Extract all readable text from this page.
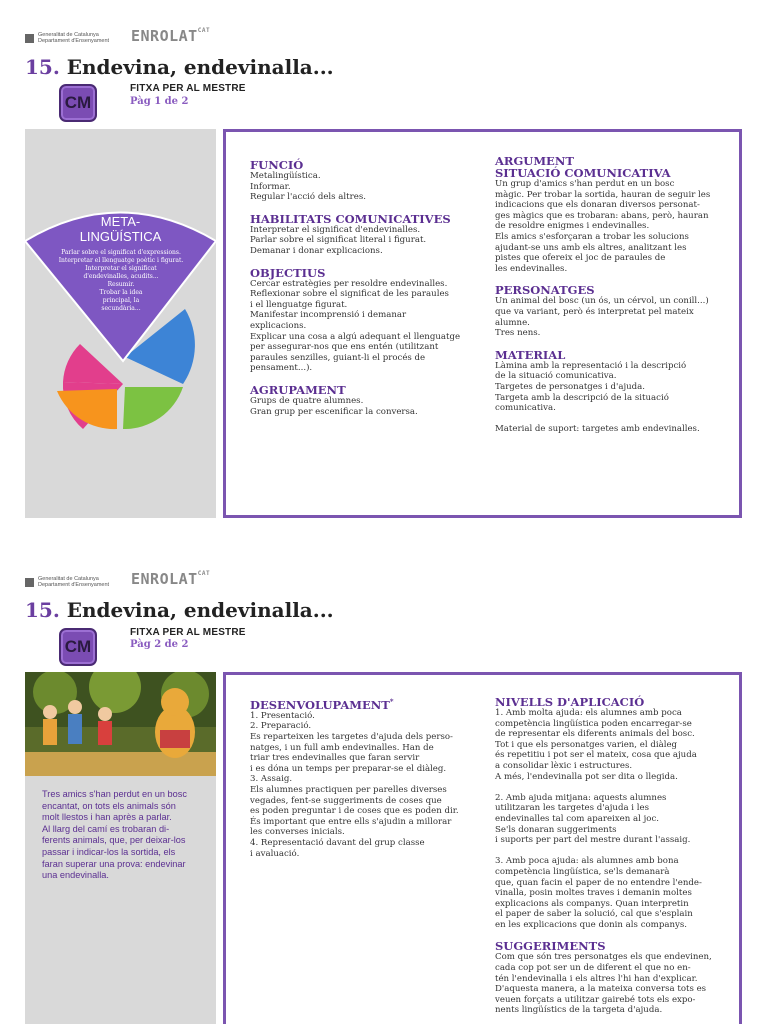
Generalitat de Catalunya
Departament d'Ensenyament $ENROLAT^{CAT}$
15. Endevina, endevinalla...
CM
FITXA PER AL MESTRE
Pàg 1 de 2
META-
LINGÜÍSTICA
Parlar sobre el significat d'expressions.
Interpretar el llenguatge poètic i figurat.
Interpretar el significat
d'endevinalles, acudits...
Resumir.
Trobar la idea
principal, la
secundària...
FUNCIÓ
Metalingüística.
Informar.
Regular l'acció dels altres.
HABILITATS COMUNICATIVES
Interpretar el significat d'endevinalles.
Parlar sobre el significat literal i figurat.
Demanar i donar explicacions.
OBJECTIUS
Cercar estratègies per resoldre endevinalles.
Reflexionar sobre el significat de les paraules
i el llenguatge figurat.
Manifestar incomprensió i demanar
explicacions.
Explicar una cosa a algú adequant el llenguatge
per assegurar-nos que ens entén (utilitzant
paraules senzilles, guiant-li el procés de
pensament...).
AGRUPAMENT
Grups de quatre alumnes.
Gran grup per escenificar la conversa.
ARGUMENT
SITUACIÓ COMUNICATIVA
Un grup d'amics s'han perdut en un bosc
màgic. Per trobar la sortida, hauran de seguir les
indicacions que els donaran diversos personat-
ges màgics que es trobaran: abans, però, hauran
de resoldre enigmes i endevinalles.
Els amics s'esforçaran a trobar les solucions
ajudant-se uns amb els altres, analitzant les
pistes que ofereix el joc de paraules de
les endevinalles.
PERSONATGES
Un animal del bosc (un ós, un cérvol, un conill...)
que va variant, però és interpretat pel mateix
alumne.
Tres nens.
MATERIAL
Làmina amb la representació i la descripció
de la situació comunicativa.
Targetes de personatges i d'ajuda.
Targeta amb la descripció de la situació
comunicativa.

Material de suport: targetes amb endevinalles.
Generalitat de Catalunya
Departament d'Ensenyament $ENROLAT^{CAT}$
15. Endevina, endevinalla...
CM
FITXA PER AL MESTRE
Pàg 2 de 2
Tres amics s'han perdut en un bosc
encantat, on tots els animals són
molt llestos i han après a parlar.
Al llarg del camí es trobaran di-
ferents animals, que, per deixar-los
passar i indicar-los la sortida, els
faran superar una prova: endevinar
una endevinalla.
DESENVOLUPAMENT*
1. Presentació.
2. Preparació.
Es reparteixen les targetes d'ajuda dels perso-
natges, i un full amb endevinalles. Han de
triar tres endevinalles que faran servir
i es dóna un temps per preparar-se el diàleg.
3. Assaig.
Els alumnes practiquen per parelles diverses
vegades, fent-se suggeriments de coses que
es poden preguntar i de coses que es poden dir.
És important que entre ells s'ajudin a millorar
les converses inicials.
4. Representació davant del grup classe
i avaluació.
NIVELLS D'APLICACIÓ
1. Amb molta ajuda: els alumnes amb poca
competència lingüística poden encarregar-se
de representar els diferents animals del bosc.
Tot i que els personatges varien, el diàleg
és repetitiu i pot ser el mateix, cosa que ajuda
a consolidar lèxic i estructures.
A més, l'endevinalla pot ser dita o llegida.

2. Amb ajuda mitjana: aquests alumnes
utilitzaran les targetes d'ajuda i les
endevinalles tal com apareixen al joc.
Se'ls donaran suggeriments
i suports per part del mestre durant l'assaig.

3. Amb poca ajuda: als alumnes amb bona
competència lingüística, se'ls demanarà
que, quan facin el paper de no entendre l'ende-
vinalla, posin moltes traves i demanin moltes
explicacions als companys. Quan interpretin
el paper de saber la solució, cal que s'esplain
en les explicacions que donin als companys.
SUGGERIMENTS
Com que són tres personatges els que endevinen,
cada cop pot ser un de diferent el que no en-
tén l'endevinalla i els altres l'hi han d'explicar.
D'aquesta manera, a la mateixa conversa tots es
veuen forçats a utilitzar gairebé tots els expo-
nents lingüístics de la targeta d'ajuda.
